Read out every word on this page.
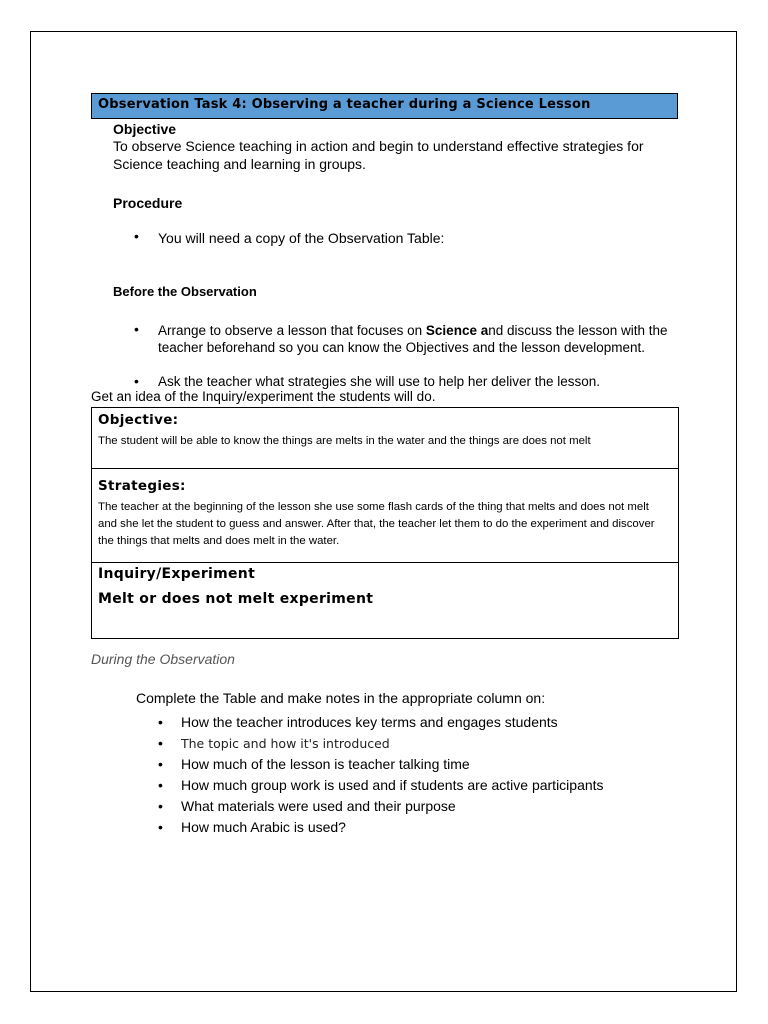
Observation Task 4: Observing a teacher during a Science Lesson
Objective
To observe Science teaching in action and begin to understand effective strategies for Science teaching and learning in groups.
Procedure
• You will need a copy of the Observation Table:
Before the Observation
• Arrange to observe a lesson that focuses on Science and discuss the lesson with the teacher beforehand so you can know the Objectives and the lesson development.
• Ask the teacher what strategies she will use to help her deliver the lesson.
Get an idea of the Inquiry/experiment the students will do.
Objective:
The student will be able to know the things are melts in the water and the things are does not melt
Strategies:
The teacher at the beginning of the lesson she use some flash cards of the thing that melts and does not melt and she let the student to guess and answer. After that, the teacher let them to do the experiment and discover the things that melts and does melt in the water.
Inquiry/Experiment
Melt or does not melt experiment
During the Observation
Complete the Table and make notes in the appropriate column on:
• How the teacher introduces key terms and engages students
• The topic and how it's introduced
• How much of the lesson is teacher talking time
• How much group work is used and if students are active participants
• What materials were used and their purpose
• How much Arabic is used?
